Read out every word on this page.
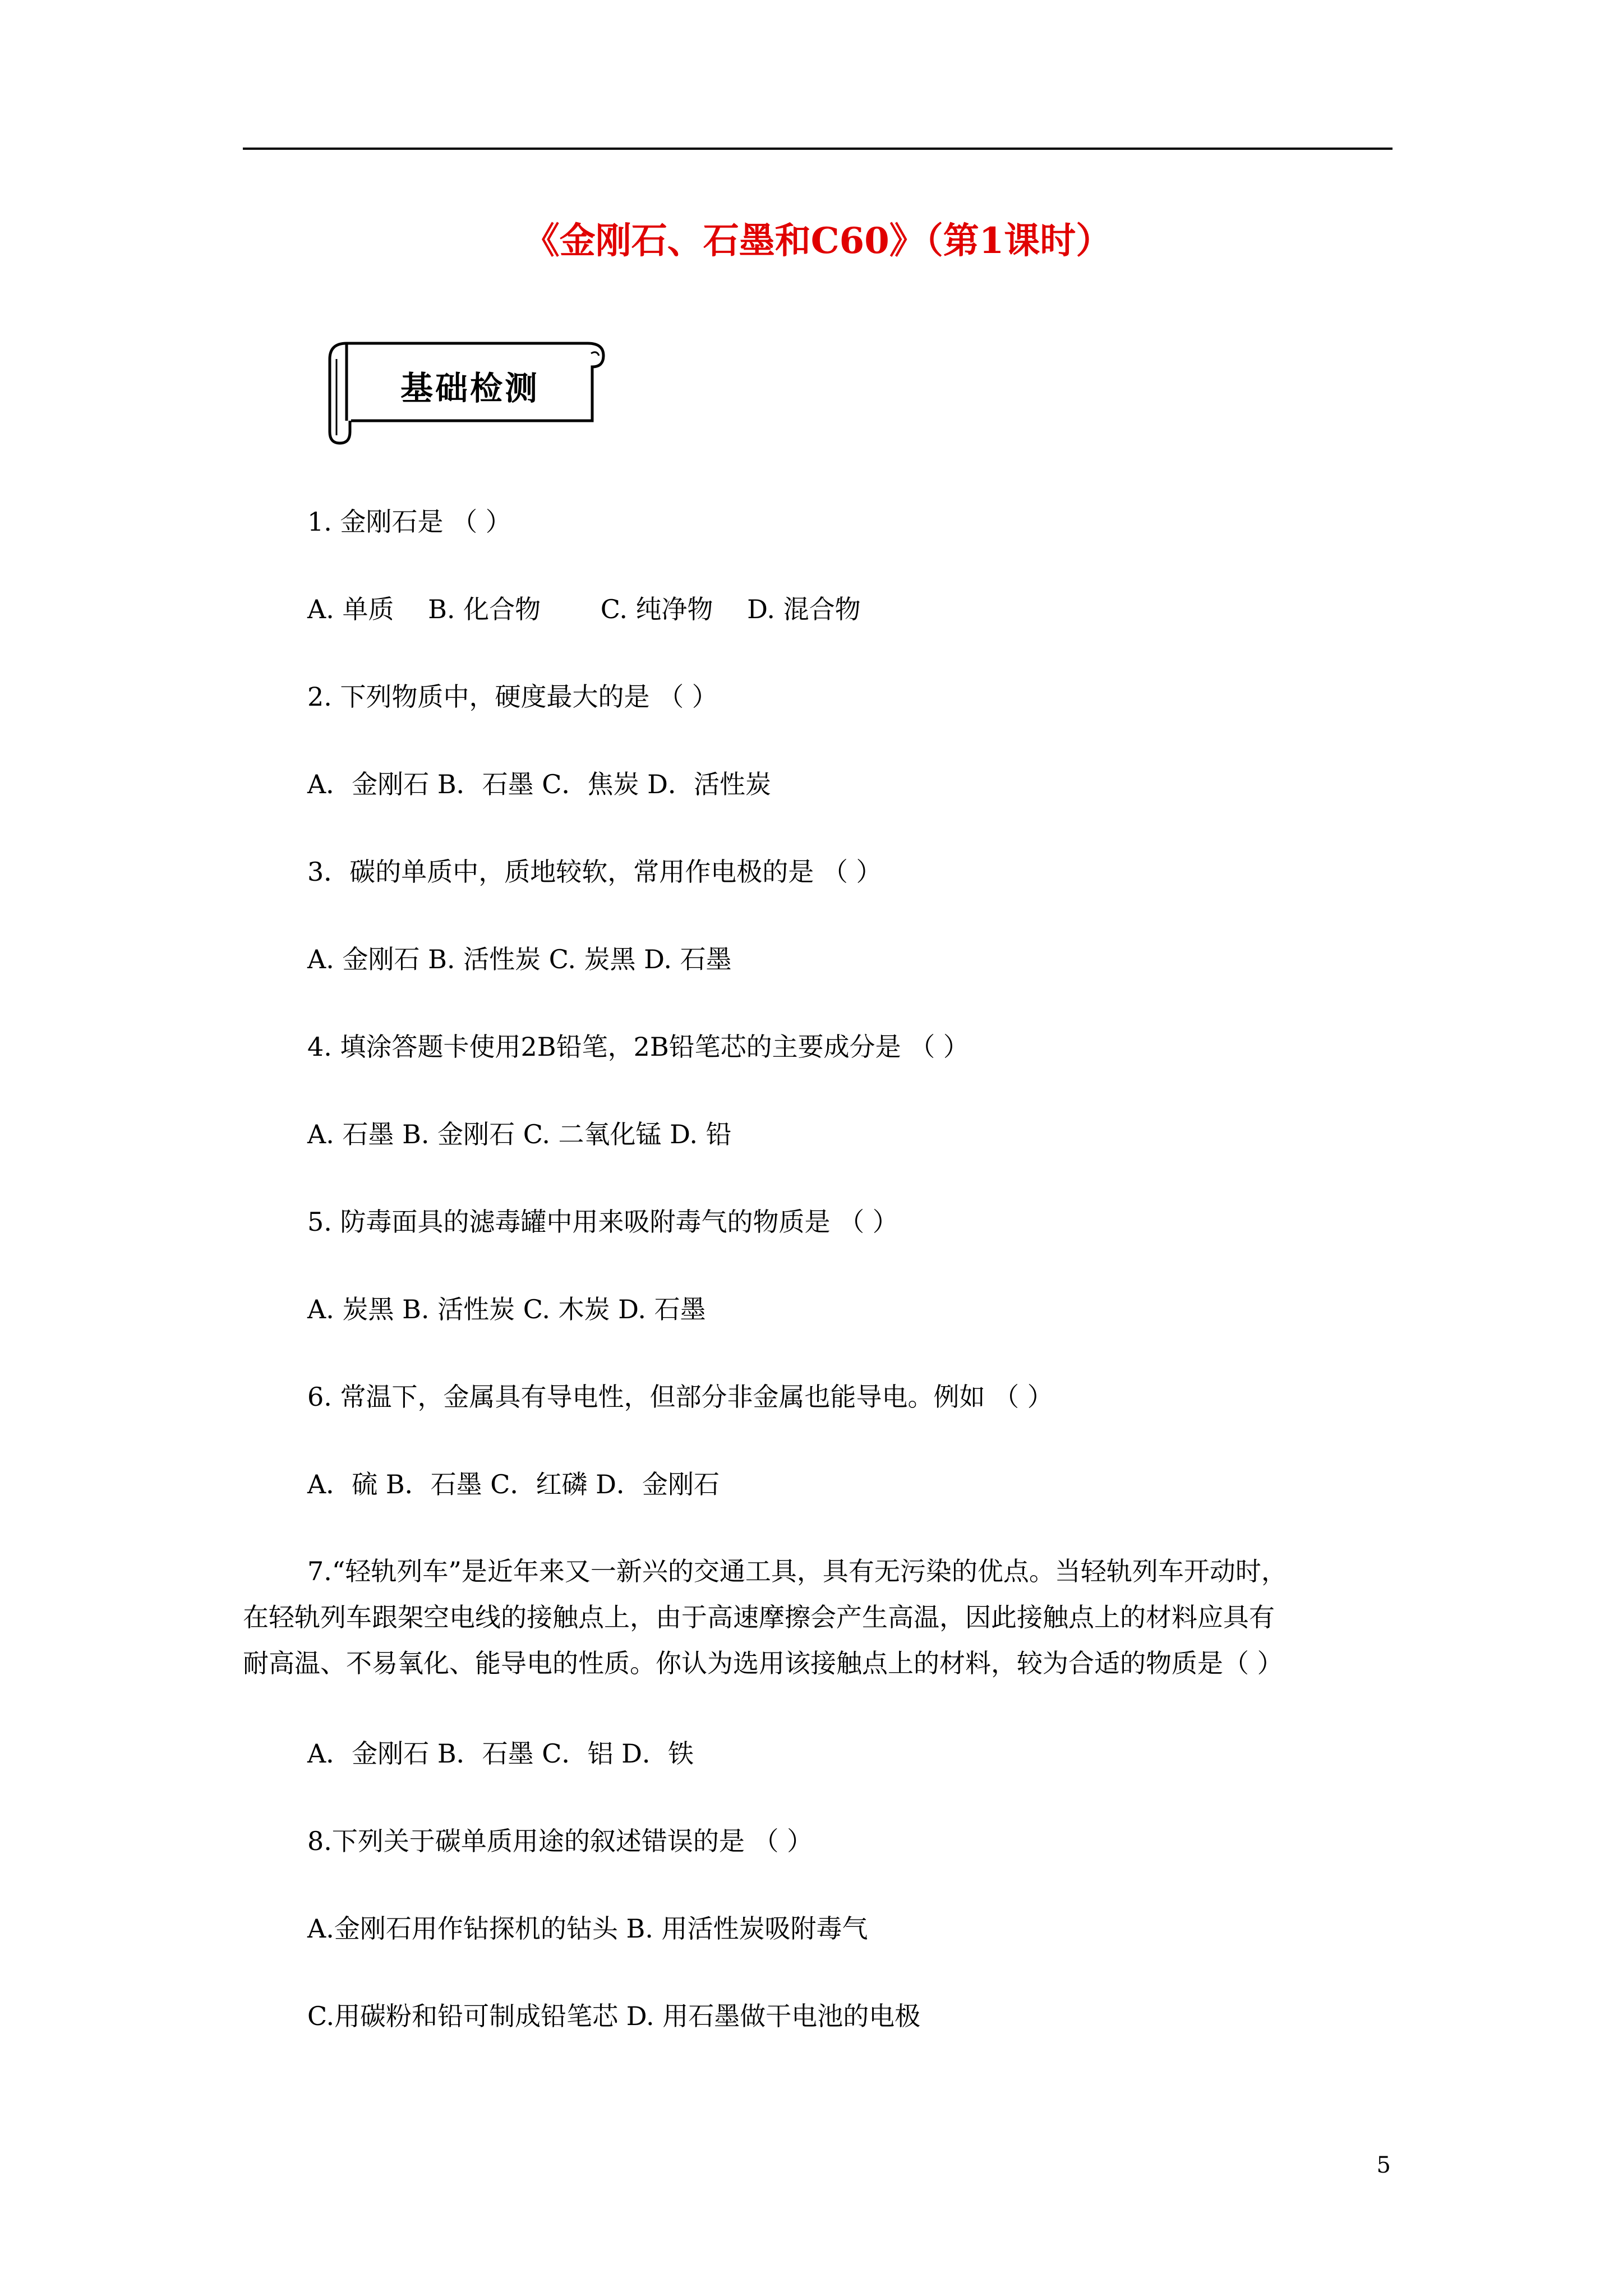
《金刚石、石墨和C60》（第1课时）
基础检测
1. 金刚石是 （ ）
A. 单质　 B. 化合物　　 C. 纯净物　 D. 混合物
2. 下列物质中，硬度最大的是 （ ）
A．金刚石 B．石墨 C．焦炭 D．活性炭
3．碳的单质中，质地较软，常用作电极的是 （ ）
A. 金刚石 B. 活性炭 C. 炭黑 D. 石墨
4. 填涂答题卡使用2B铅笔，2B铅笔芯的主要成分是 （ ）
A. 石墨 B. 金刚石 C. 二氧化锰 D. 铅
5. 防毒面具的滤毒罐中用来吸附毒气的物质是 （ ）
A. 炭黑 B. 活性炭 C. 木炭 D. 石墨
6. 常温下，金属具有导电性，但部分非金属也能导电。例如 （ ）
A．硫 B．石墨 C．红磷 D．金刚石
7.“轻轨列车”是近年来又一新兴的交通工具，具有无污染的优点。当轻轨列车开动时，
在轻轨列车跟架空电线的接触点上，由于高速摩擦会产生高温，因此接触点上的材料应具有
耐高温、不易氧化、能导电的性质。你认为选用该接触点上的材料，较为合适的物质是（ ）
A．金刚石 B．石墨 C．铝 D．铁
8.下列关于碳单质用途的叙述错误的是 （ ）
A.金刚石用作钻探机的钻头 B. 用活性炭吸附毒气
C.用碳粉和铅可制成铅笔芯 D. 用石墨做干电池的电极
5
